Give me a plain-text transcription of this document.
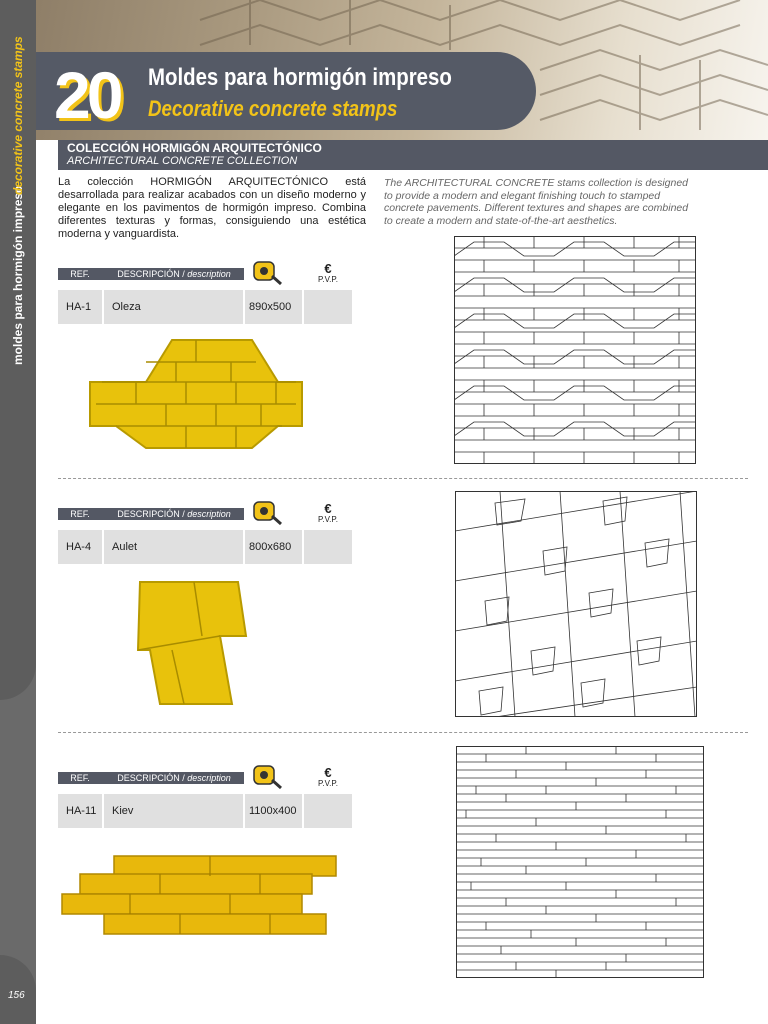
moldes para hormigón impreso
decorative concrete stamps
156
20 Moldes para hormigón impreso
Decorative concrete stamps
COLECCIÓN HORMIGÓN ARQUITECTÓNICO
ARCHITECTURAL CONCRETE COLLECTION
La colección HORMIGÓN ARQUITECTÓNICO está desarrollada para realizar acabados con un diseño moderno y elegante en los pavimentos de hormigón impreso. Combina diferentes texturas y formas, consiguiendo una estética moderna y vanguardista.
The ARCHITECTURAL CONCRETE stams collection is designed to provide a modern and elegant finishing touch to stamped concrete pavements. Different textures and shapes are combined to create a modern and state-of-the-art aesthetics.
REF.	DESCRIPCIÓN / description	€
P.V.P.
HA-1	Oleza	890x500
REF.	DESCRIPCIÓN / description	€
P.V.P.
HA-4	Aulet	800x680
REF.	DESCRIPCIÓN / description	€
P.V.P.
HA-11	Kiev	1100x400
